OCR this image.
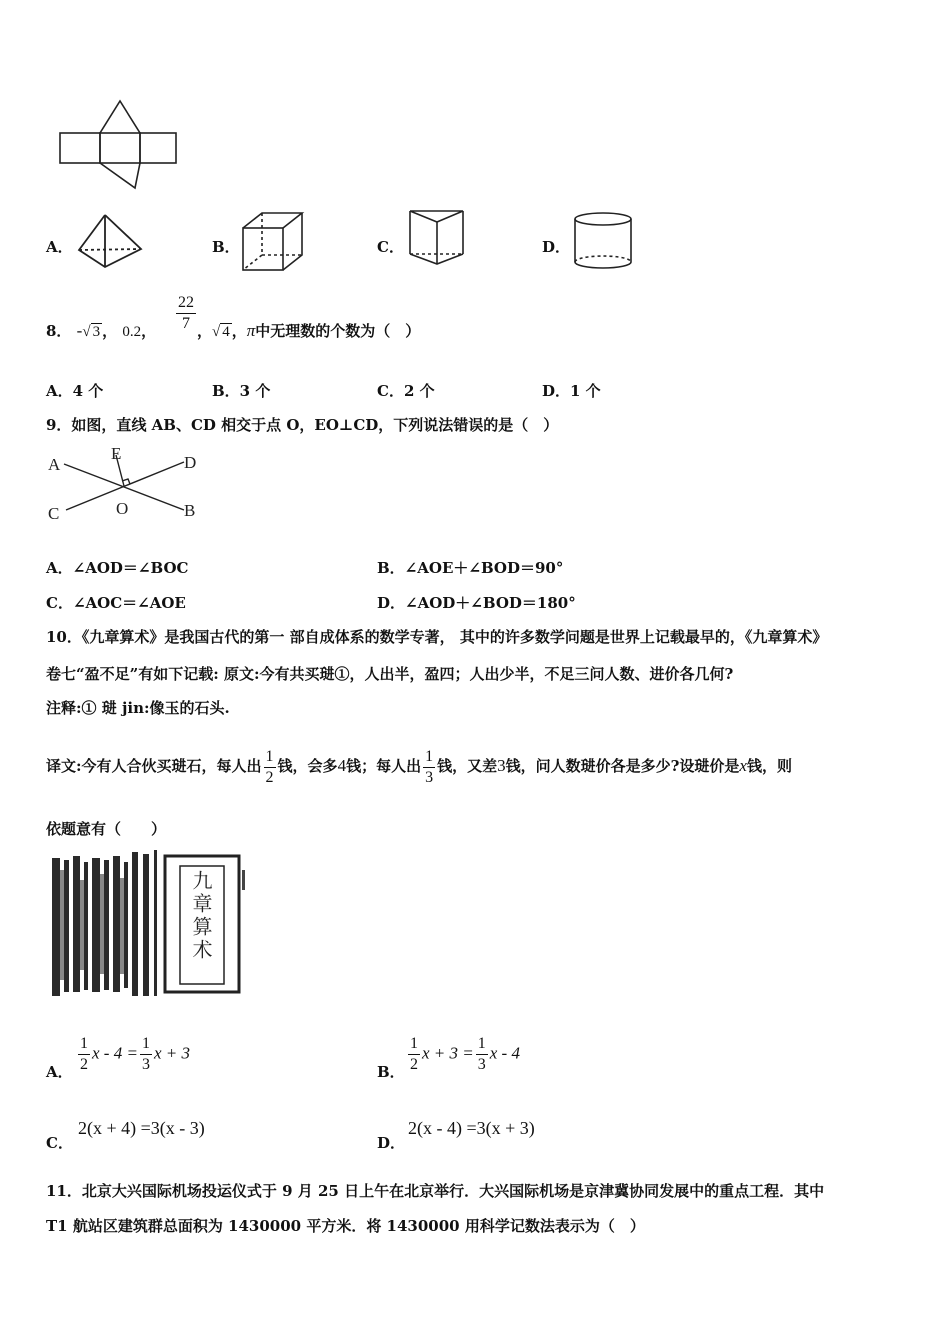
A．	B．	C．	D．
8． -√ 3 ， 0.2， $\frac{22}{7}$ ，√ 4 ，π中无理数的个数为（　）
A．4 个	B．3 个	C．2 个	D．1 个
9．如图，直线 AB、CD 相交于点 O，EO⊥CD，下列说法错误的是（　）
A	D
C	B
E
O
A．∠AOD＝∠BOC	B．∠AOE＋∠BOD＝90°
C．∠AOC＝∠AOE	D．∠AOD＋∠BOD＝180°
10．《九章算术》是我国古代的第一 部自成体系的数学专著， 其中的许多数学问题是世界上记载最早的，《九章算术》
卷七“盈不足”有如下记载: 原文:今有共买琎①，人出半，盈四；人出少半，不足三问人数、进价各几何?
注释:① 琎 jin:像玉的石头.
译文:今有人合伙买琎石，每人出 $\frac{1}{2}$ 钱，会多4钱；每人出 $\frac{1}{3}$ 钱，又差3钱，问人数琎价各是多少?设琎价是x钱，则
依题意有（　　）
九章算术
A． $\frac{1}{2}$ $x - 4 = \frac{1}{3}$ x + 3
B． $\frac{1}{2}$ $x + 3 = \frac{1}{3}$ x - 4
C．
2(x + 4) =3(x - 3)
D．
2(x - 4) =3(x + 3)
11．北京大兴国际机场投运仪式于 9 月 25 日上午在北京举行．大兴国际机场是京津冀协同发展中的重点工程．其中
T1 航站区建筑群总面积为 1430000 平方米．将 1430000 用科学记数法表示为（　）
